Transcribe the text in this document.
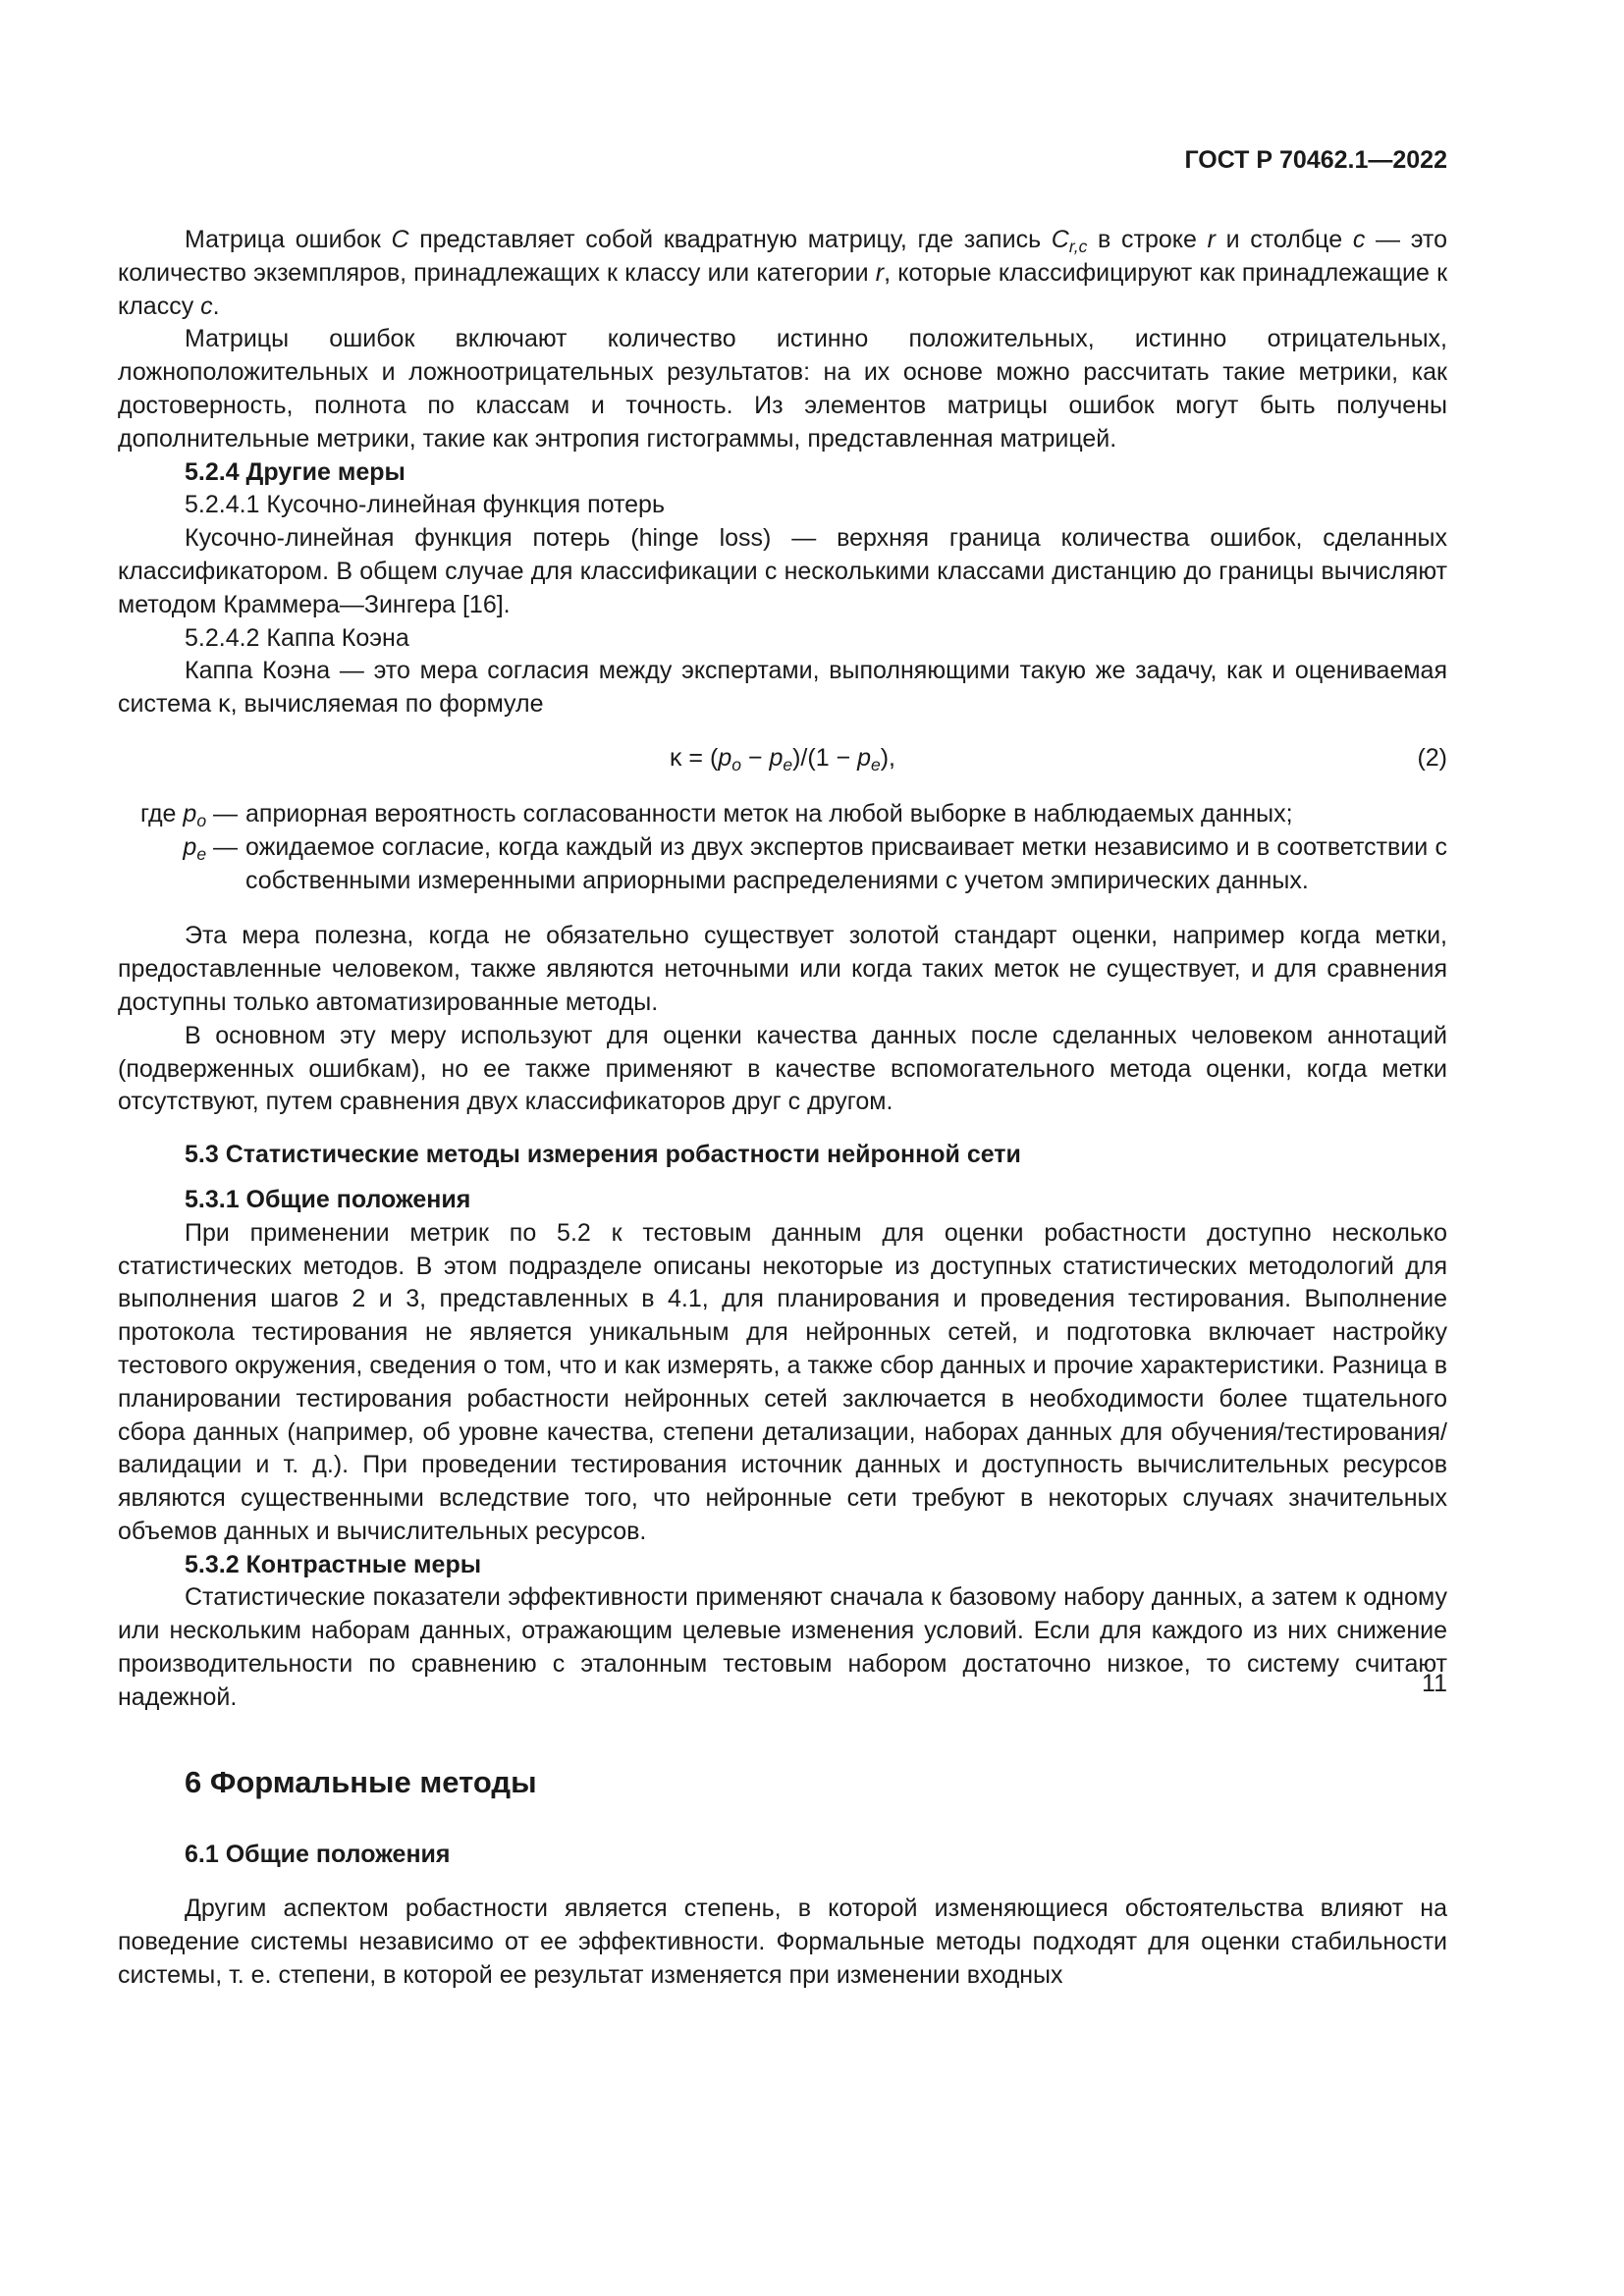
ГОСТ Р 70462.1—2022

Матрица ошибок C представляет собой квадратную матрицу, где запись $C_{r,c}$ в строке r и столбце c — это количество экземпляров, принадлежащих к классу или категории r, которые классифицируют как принадлежащие к классу c.

Матрицы ошибок включают количество истинно положительных, истинно отрицательных, ложноположительных и ложноотрицательных результатов: на их основе можно рассчитать такие метрики, как достоверность, полнота по классам и точность. Из элементов матрицы ошибок могут быть получены дополнительные метрики, такие как энтропия гистограммы, представленная матрицей.

5.2.4 Другие меры

5.2.4.1 Кусочно-линейная функция потерь

Кусочно-линейная функция потерь (hinge loss) — верхняя граница количества ошибок, сделанных классификатором. В общем случае для классификации с несколькими классами дистанцию до границы вычисляют методом Краммера—Зингера [16].

5.2.4.2 Каппа Коэна

Каппа Коэна — это мера согласия между экспертами, выполняющими такую же задачу, как и оцениваемая система κ, вычисляемая по формуле

$\kappa = (p_o - p_e)/(1 - p_e)$,	(2)
где $p_o$ — априорная вероятность согласованности меток на любой выборке в наблюдаемых данных;
$p_e$ — ожидаемое согласие, когда каждый из двух экспертов присваивает метки независимо и в соответствии с собственными измеренными априорными распределениями с учетом эмпирических данных.

Эта мера полезна, когда не обязательно существует золотой стандарт оценки, например когда метки, предоставленные человеком, также являются неточными или когда таких меток не существует, и для сравнения доступны только автоматизированные методы.

В основном эту меру используют для оценки качества данных после сделанных человеком аннотаций (подверженных ошибкам), но ее также применяют в качестве вспомогательного метода оценки, когда метки отсутствуют, путем сравнения двух классификаторов друг с другом.

5.3 Статистические методы измерения робастности нейронной сети

5.3.1 Общие положения

При применении метрик по 5.2 к тестовым данным для оценки робастности доступно несколько статистических методов. В этом подразделе описаны некоторые из доступных статистических методологий для выполнения шагов 2 и 3, представленных в 4.1, для планирования и проведения тестирования. Выполнение протокола тестирования не является уникальным для нейронных сетей, и подготовка включает настройку тестового окружения, сведения о том, что и как измерять, а также сбор данных и прочие характеристики. Разница в планировании тестирования робастности нейронных сетей заключается в необходимости более тщательного сбора данных (например, об уровне качества, степени детализации, наборах данных для обучения/тестирования/валидации и т. д.). При проведении тестирования источник данных и доступность вычислительных ресурсов являются существенными вследствие того, что нейронные сети требуют в некоторых случаях значительных объемов данных и вычислительных ресурсов.

5.3.2 Контрастные меры

Статистические показатели эффективности применяют сначала к базовому набору данных, а затем к одному или нескольким наборам данных, отражающим целевые изменения условий. Если для каждого из них снижение производительности по сравнению с эталонным тестовым набором достаточно низкое, то систему считают надежной.

6 Формальные методы

6.1 Общие положения

Другим аспектом робастности является степень, в которой изменяющиеся обстоятельства влияют на поведение системы независимо от ее эффективности. Формальные методы подходят для оценки стабильности системы, т. е. степени, в которой ее результат изменяется при изменении входных

11
